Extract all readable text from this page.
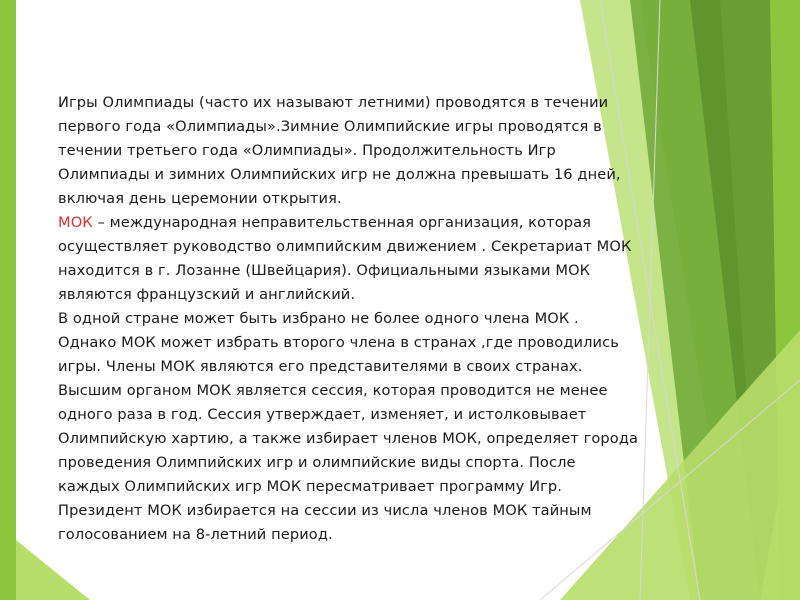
Игры Олимпиады (часто их называют летними) проводятся в течении
первого года «Олимпиады».Зимние Олимпийские игры проводятся в
течении третьего года «Олимпиады». Продолжительность Игр
Олимпиады и зимних Олимпийских игр не должна превышать 16 дней,
включая день церемонии открытия.

МОК – международная неправительственная организация, которая
осуществляет руководство олимпийским движением . Секретариат МОК
находится в г. Лозанне (Швейцария). Официальными языками МОК
являются французский и английский.

В одной стране может быть избрано не более одного члена МОК .
Однако МОК может избрать второго члена в странах ,где проводились
игры. Члены МОК являются его представителями в своих странах.
Высшим органом МОК является сессия, которая проводится не менее
одного раза в год. Сессия утверждает, изменяет, и истолковывает
Олимпийскую хартию, а также избирает членов МОК, определяет города
проведения Олимпийских игр и олимпийские виды спорта. После
каждых Олимпийских игр МОК пересматривает программу Игр.
Президент МОК избирается на сессии из числа членов МОК тайным
голосованием на 8-летний период.
